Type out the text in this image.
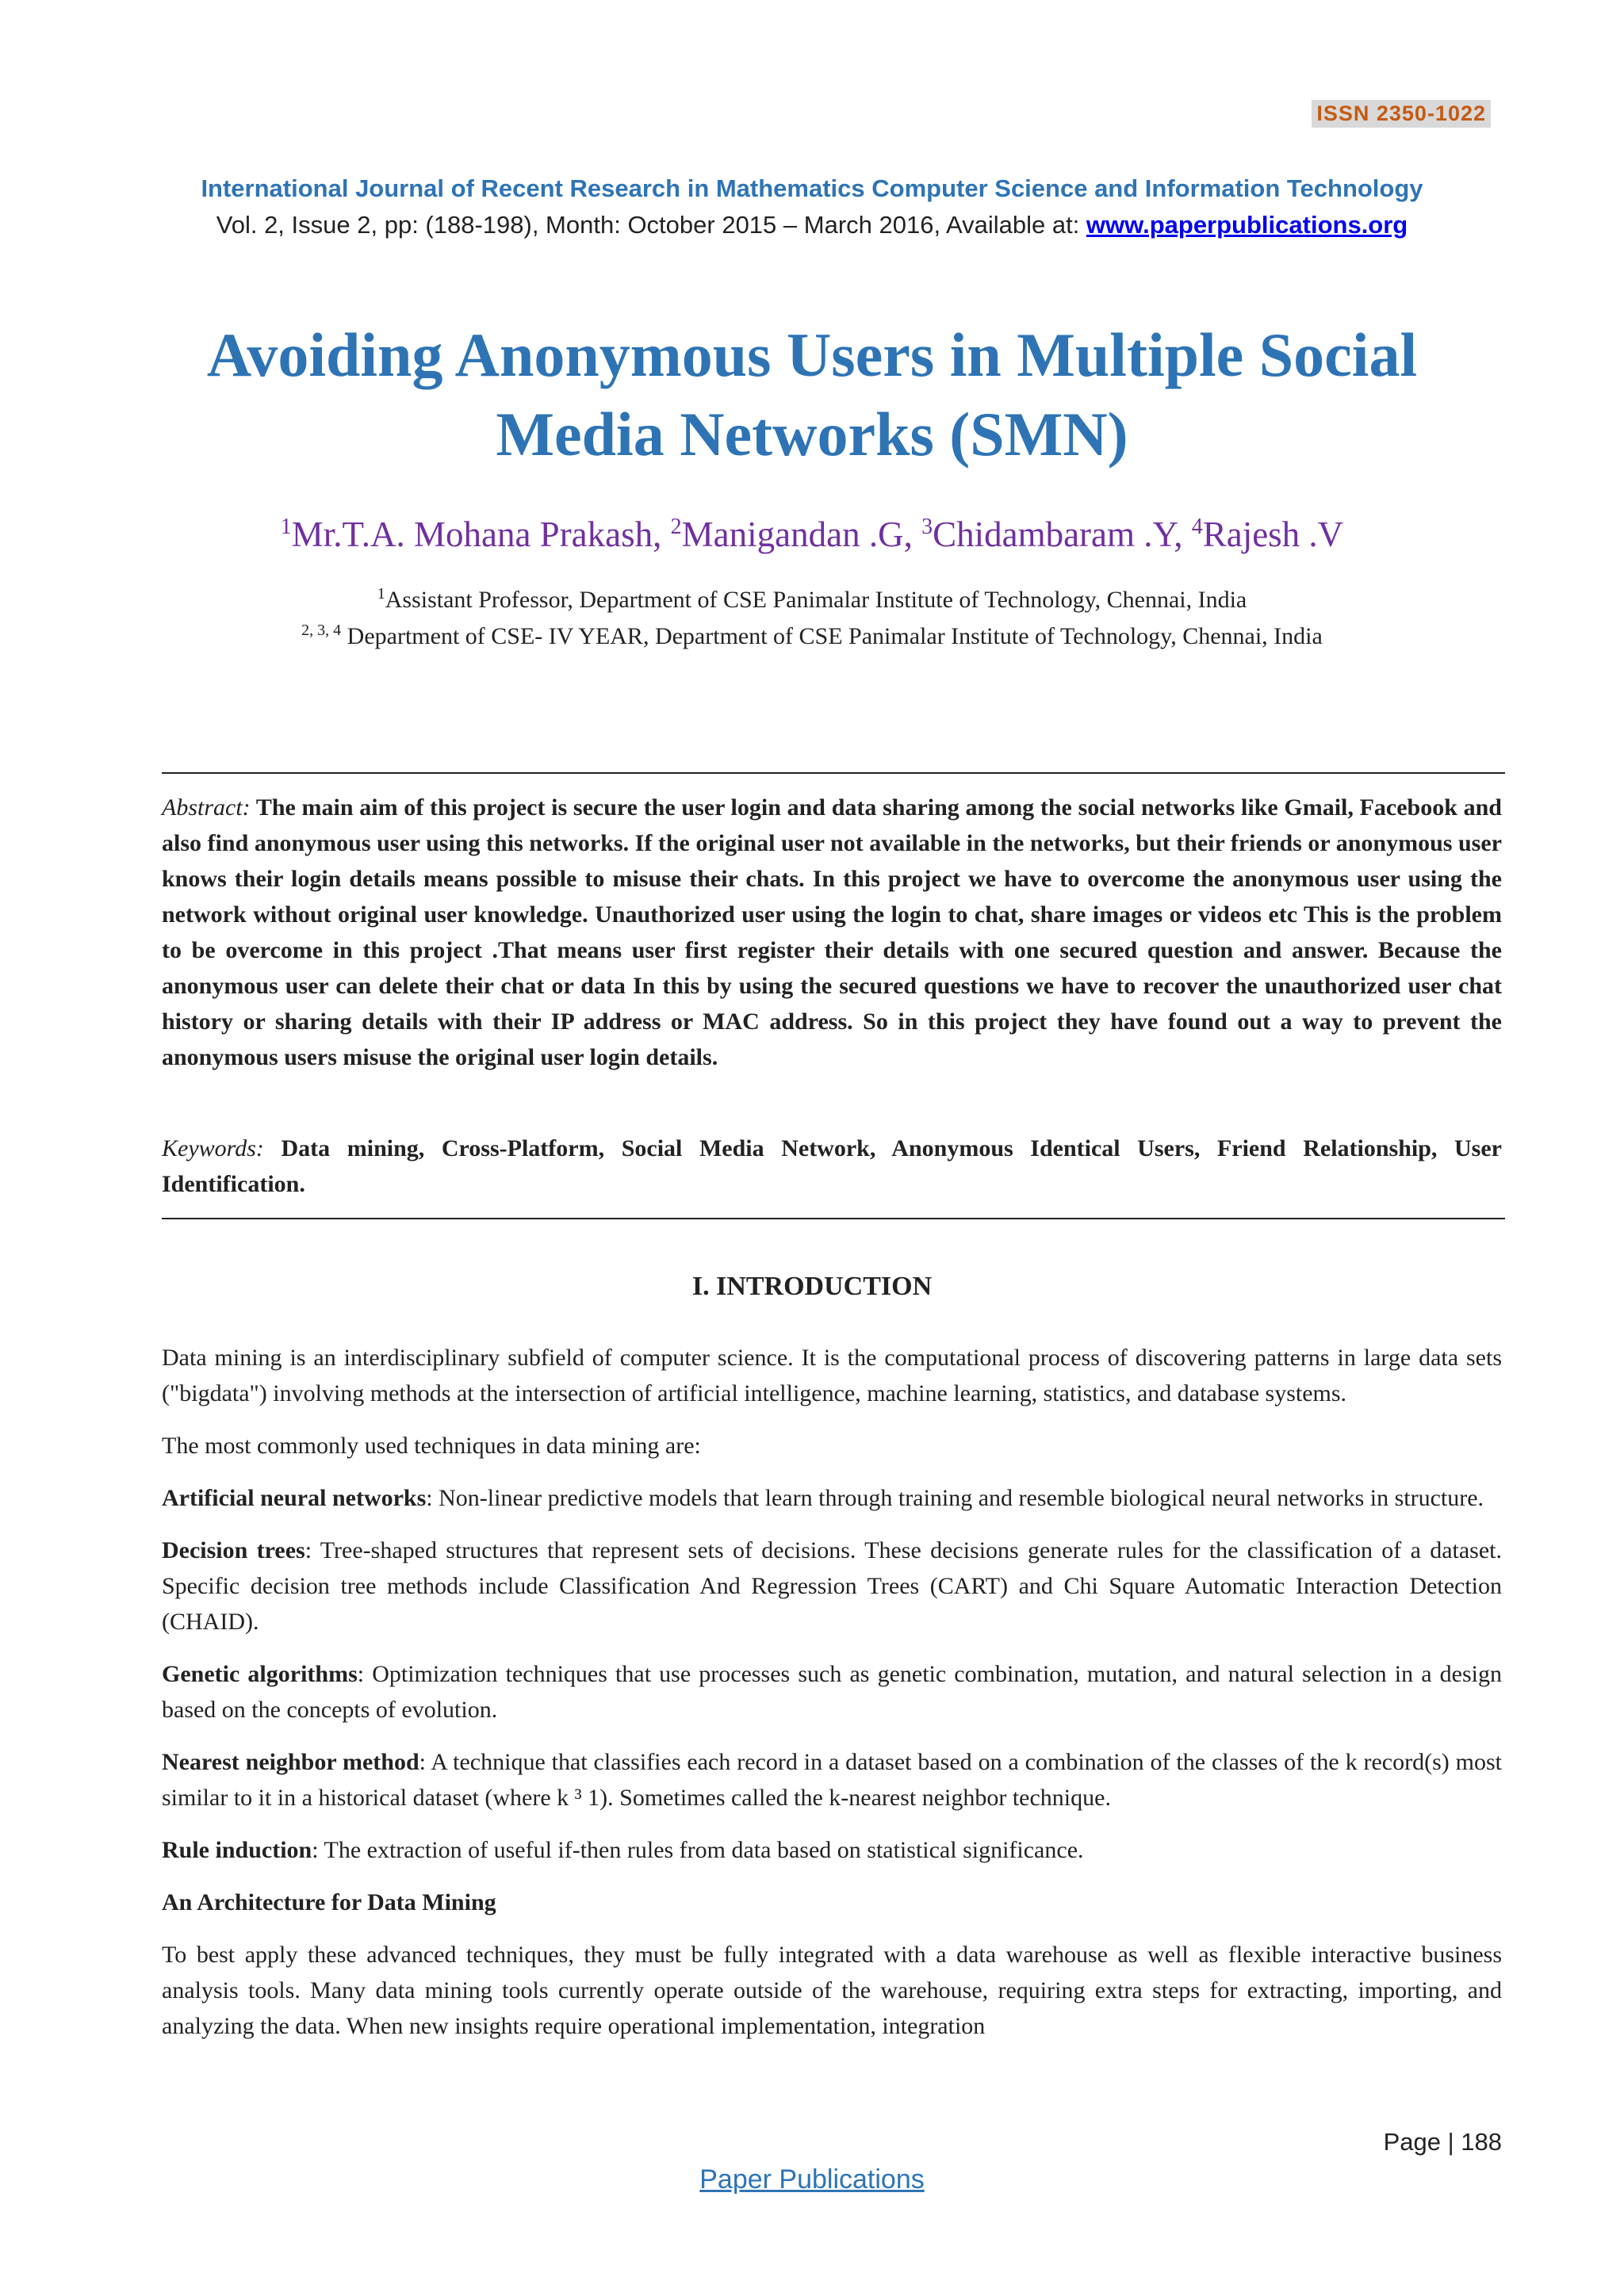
ISSN 2350-1022
International Journal of Recent Research in Mathematics Computer Science and Information Technology
Vol. 2, Issue 2, pp: (188-198), Month: October 2015 – March 2016, Available at: www.paperpublications.org
Avoiding Anonymous Users in Multiple Social
Media Networks (SMN)
$^1$Mr.T.A. Mohana Prakash, $^2$Manigandan .G, $^3$Chidambaram .Y, $^4$Rajesh .V
$^1$Assistant Professor, Department of CSE Panimalar Institute of Technology, Chennai, India
$^{2, 3, 4}$ Department of CSE- IV YEAR, Department of CSE Panimalar Institute of Technology, Chennai, India

Abstract: The main aim of this project is secure the user login and data sharing among the social networks like Gmail, Facebook and also find anonymous user using this networks. If the original user not available in the networks, but their friends or anonymous user knows their login details means possible to misuse their chats. In this project we have to overcome the anonymous user using the network without original user knowledge. Unauthorized user using the login to chat, share images or videos etc This is the problem to be overcome in this project .That means user first register their details with one secured question and answer. Because the anonymous user can delete their chat or data In this by using the secured questions we have to recover the unauthorized user chat history or sharing details with their IP address or MAC address. So in this project they have found out a way to prevent the anonymous users misuse the original user login details.

Keywords: Data mining, Cross-Platform, Social Media Network, Anonymous Identical Users, Friend Relationship, User Identification.

I. INTRODUCTION

Data mining is an interdisciplinary subfield of computer science. It is the computational process of discovering patterns in large data sets ("bigdata") involving methods at the intersection of artificial intelligence, machine learning, statistics, and database systems.

The most commonly used techniques in data mining are:

Artificial neural networks: Non-linear predictive models that learn through training and resemble biological neural networks in structure.

Decision trees: Tree-shaped structures that represent sets of decisions. These decisions generate rules for the classification of a dataset. Specific decision tree methods include Classification And Regression Trees (CART) and Chi Square Automatic Interaction Detection (CHAID).

Genetic algorithms: Optimization techniques that use processes such as genetic combination, mutation, and natural selection in a design based on the concepts of evolution.

Nearest neighbor method: A technique that classifies each record in a dataset based on a combination of the classes of the k record(s) most similar to it in a historical dataset (where k ³ 1). Sometimes called the k-nearest neighbor technique.

Rule induction: The extraction of useful if-then rules from data based on statistical significance.

An Architecture for Data Mining

To best apply these advanced techniques, they must be fully integrated with a data warehouse as well as flexible interactive business analysis tools. Many data mining tools currently operate outside of the warehouse, requiring extra steps for extracting, importing, and analyzing the data. When new insights require operational implementation, integration

Page | 188
Paper Publications
